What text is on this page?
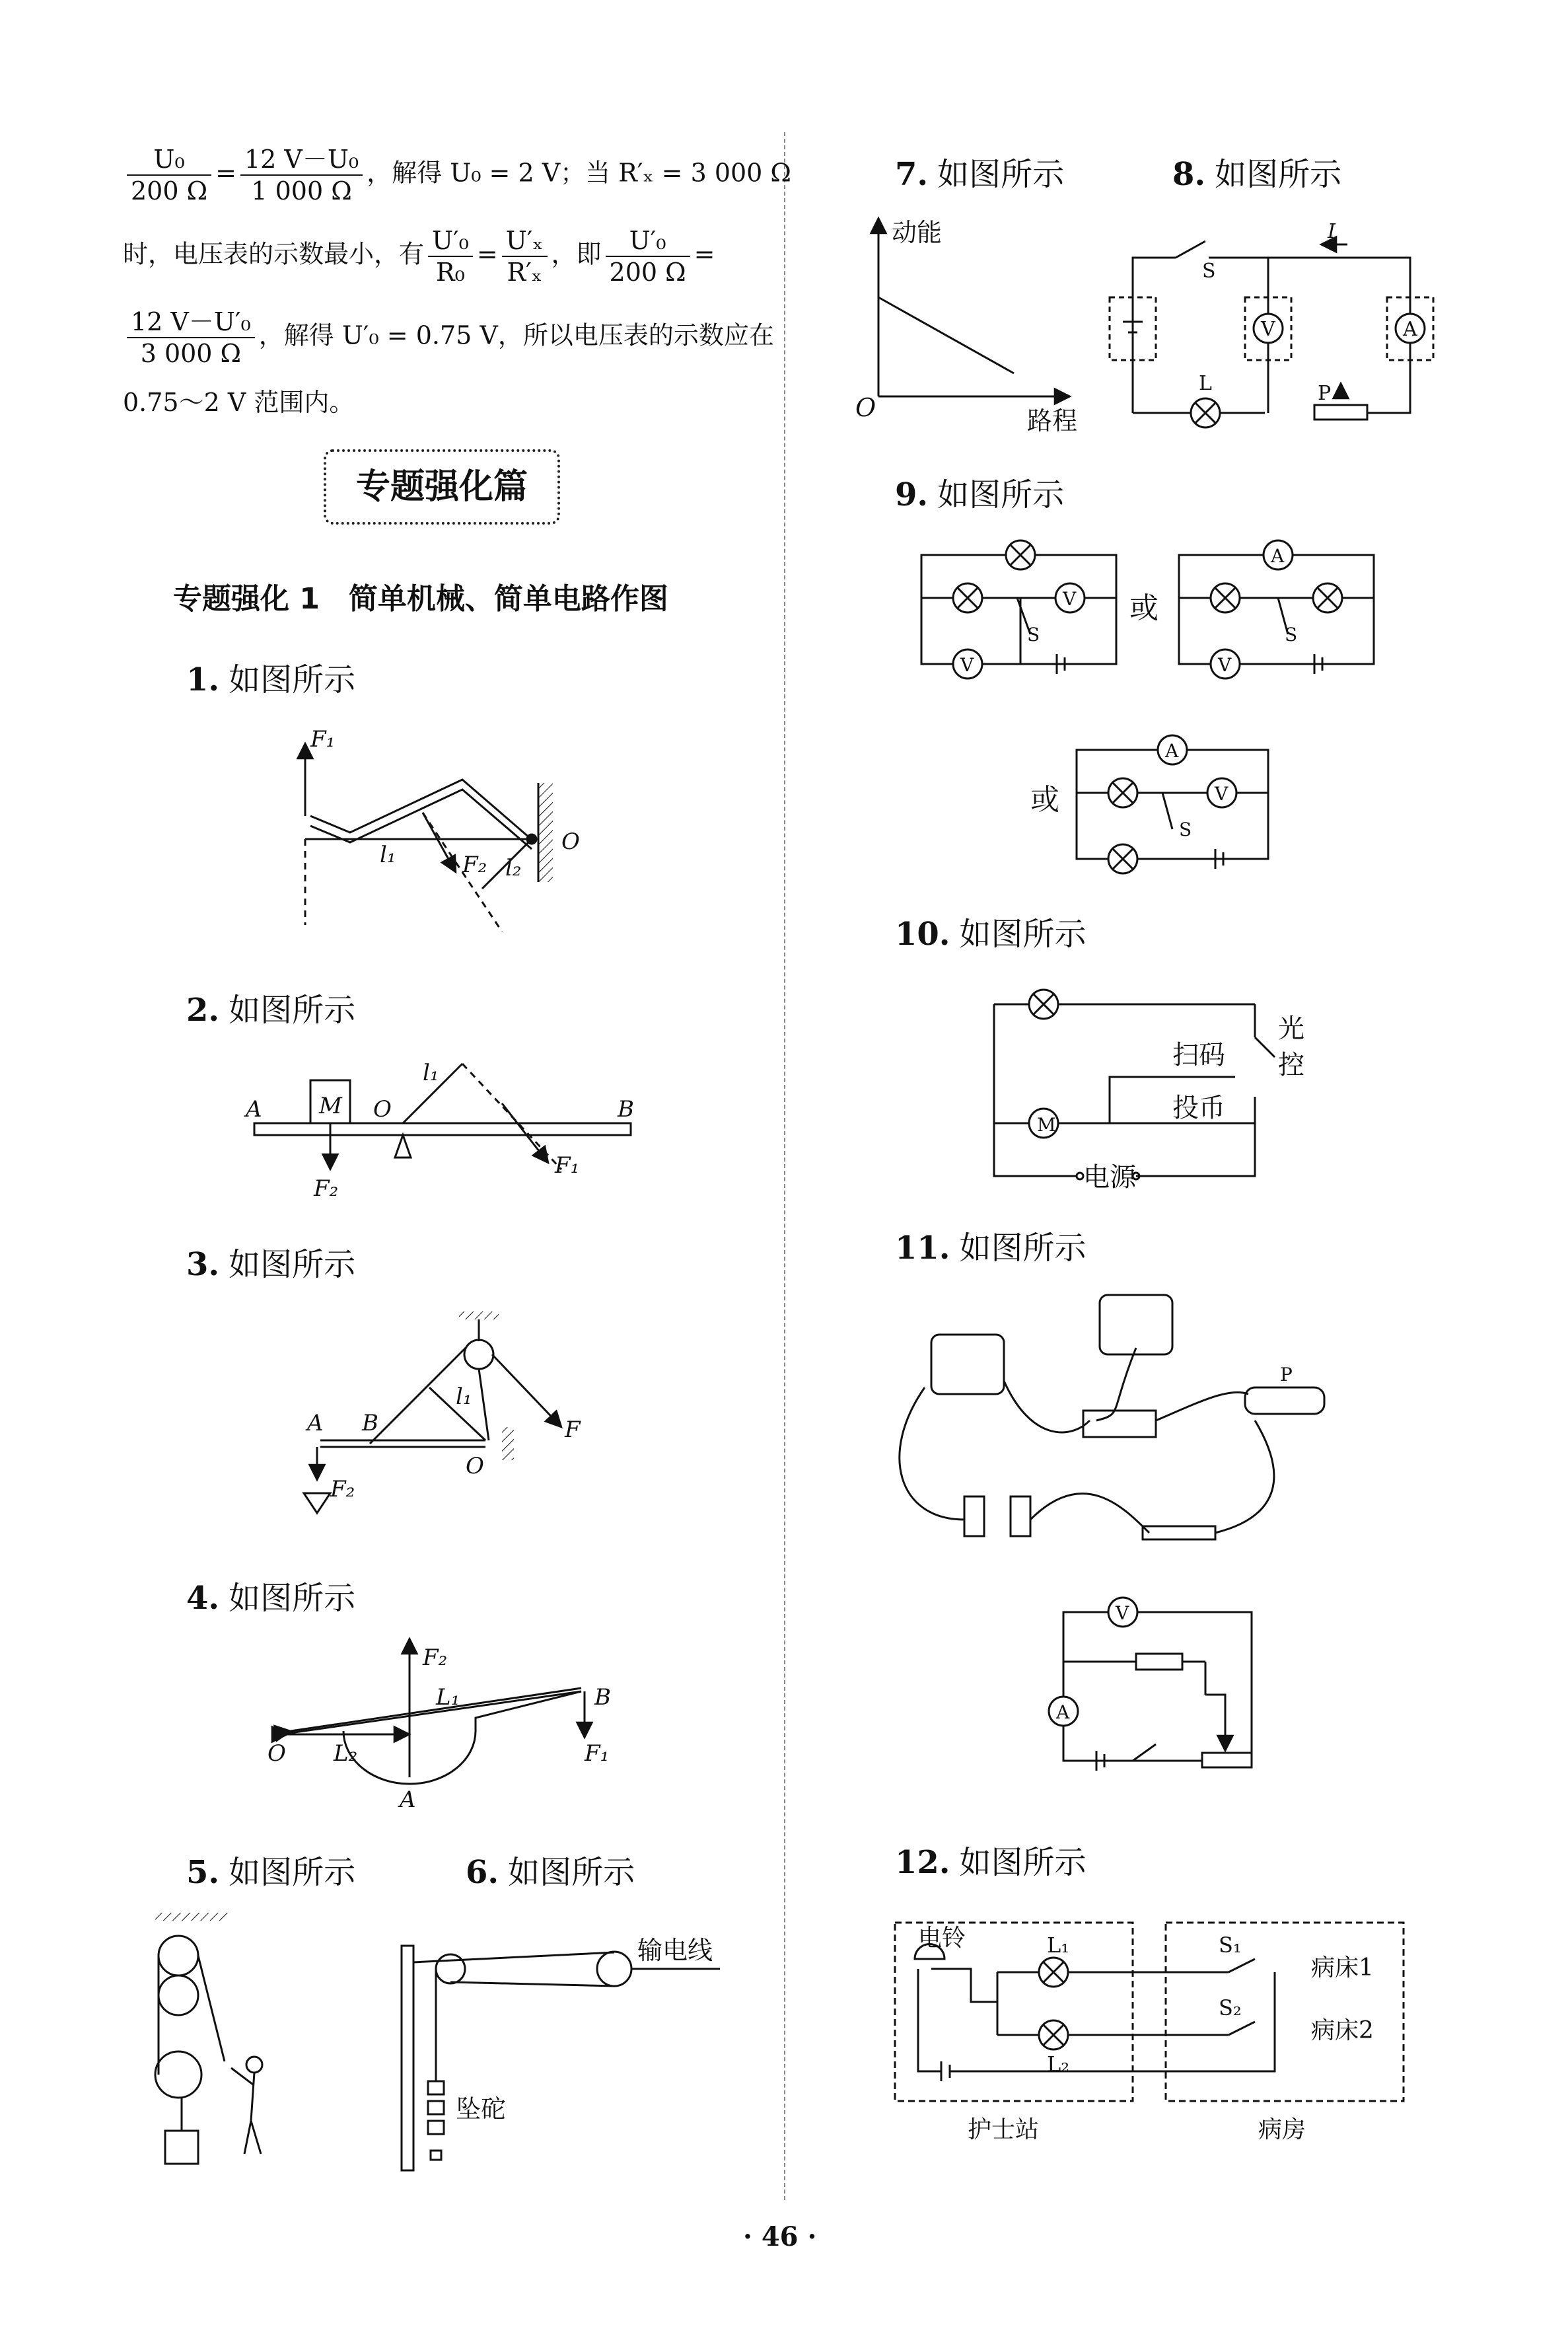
$\frac{\text{U₀}}{200 \Omega} = \frac{\text{12 V－U₀}}{1 000 \Omega}$ ，解得 U₀ = 2 V；当 R′ₓ = 3 000 Ω
时，电压表的示数最小，有 $\frac{\text{U′₀}}{\text{R₀}} = \frac{\text{U′ₓ}}{\text{R′ₓ}}$ ，即 $\frac{\text{U′₀}}{200 \Omega}$ =
$\frac{\text{12 V－U′₀}}{3 000 \Omega}$ ，解得 U′₀ = 0.75 V，所以电压表的示数应在
0.75～2 V 范围内。
专题强化篇
专题强化 1　简单机械、简单电路作图
1. 如图所示
2. 如图所示
3. 如图所示
4. 如图所示
5. 如图所示	6. 如图所示
7. 如图所示	8. 如图所示
9. 如图所示
10. 如图所示
11. 如图所示
12. 如图所示
· 46 ·
F₁
l₁	F₂ l₂
O
A	M O	B
l₁
F₂
F₁
A B
l₁
O
F
F₂
F₂
L₁
L₂
O
A
B
F₁
输电线
坠砣
动能
路程
O
S
I
L	P
V	A
V
V
S
A
V
S
A
V
S
或
或
M
扫码
投币
电源
光
控
P
V
A
L₁
L₂
S₁
S₂
电铃
病床1
病床2
护士站	病房
